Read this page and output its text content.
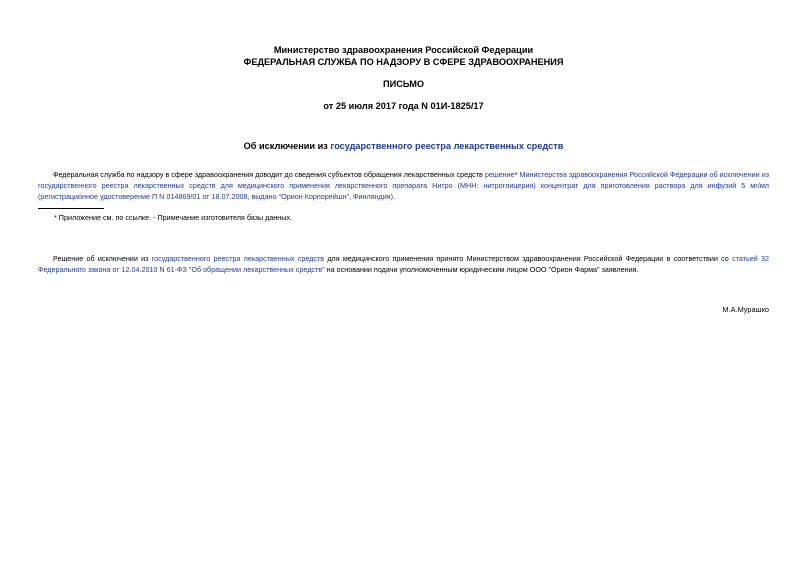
Министерство здравоохранения Российской Федерации
ФЕДЕРАЛЬНАЯ СЛУЖБА ПО НАДЗОРУ В СФЕРЕ ЗДРАВООХРАНЕНИЯ
ПИСЬМО
от 25 июля 2017 года N 01И-1825/17
Об исключении из государственного реестра лекарственных средств
Федеральная служба по надзору в сфере здравоохранения доводит до сведения субъектов обращения лекарственных средств решение* Министерства здравоохранения Российской Федерации об исключении из государственного реестра лекарственных средств для медицинского применения лекарственного препарата Нитро (МНН: нитроглицерин) концентрат для приготовления раствора для инфузий 5 мг/мл (регистрационное удостоверение П N 014869/01 от 18.07.2008, выдано "Орион Корпорейшн", Финляндия).
* Приложение см. по ссылке. - Примечание изготовителя базы данных.
Решение об исключении из государственного реестра лекарственных средств для медицинского применения принято Министерством здравоохранения Российской Федерации в соответствии со статьей 32 Федерального закона от 12.04.2010 N 61-ФЗ "Об обращении лекарственных средств" на основании подачи уполномоченным юридическим лицом ООО "Орион Фарма" заявления.
М.А.Мурашко
